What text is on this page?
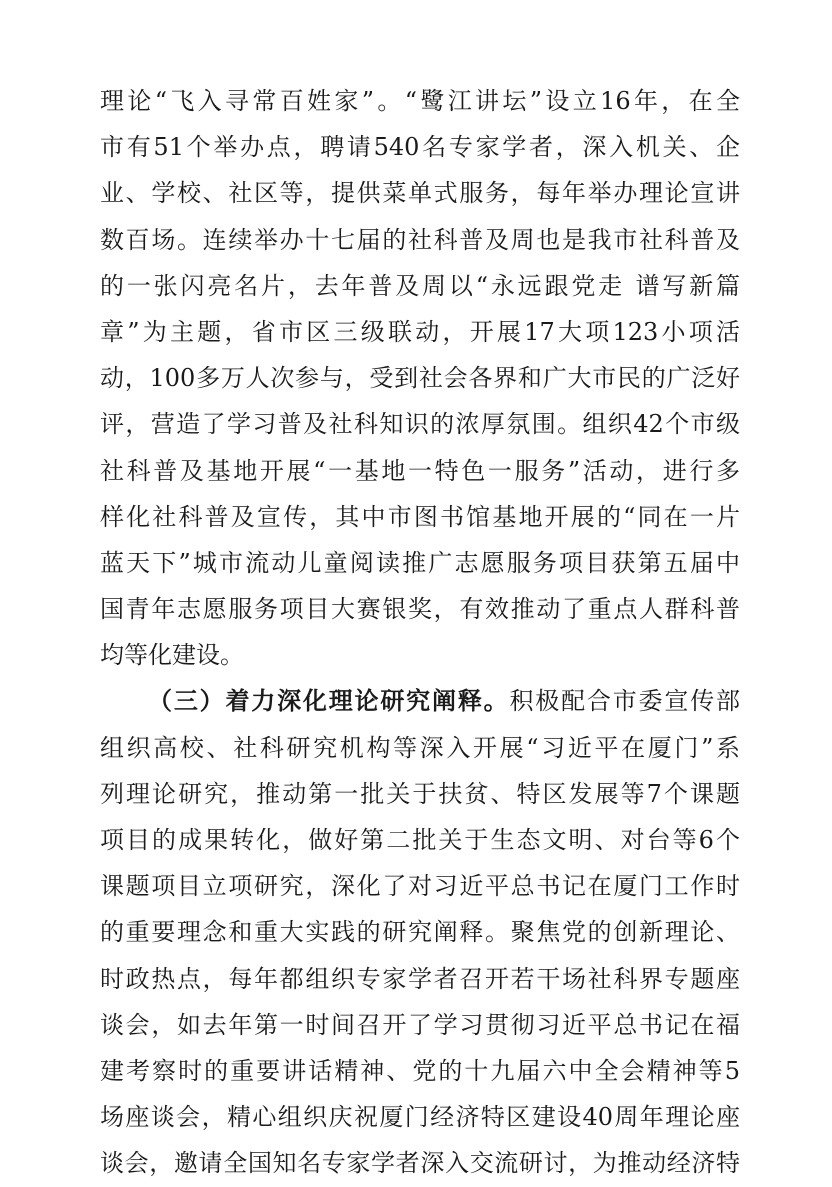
理论“飞入寻常百姓家”。“鹭江讲坛”设立16年，在全
市有51个举办点，聘请540名专家学者，深入机关、企
业、学校、社区等，提供菜单式服务，每年举办理论宣讲
数百场。连续举办十七届的社科普及周也是我市社科普及
的一张闪亮名片，去年普及周以“永远跟党走 谱写新篇
章”为主题，省市区三级联动，开展17大项123小项活
动，100多万人次参与，受到社会各界和广大市民的广泛好
评，营造了学习普及社科知识的浓厚氛围。组织42个市级
社科普及基地开展“一基地一特色一服务”活动，进行多
样化社科普及宣传，其中市图书馆基地开展的“同在一片
蓝天下”城市流动儿童阅读推广志愿服务项目获第五届中
国青年志愿服务项目大赛银奖，有效推动了重点人群科普
均等化建设。
（三）着力深化理论研究阐释。积极配合市委宣传部
组织高校、社科研究机构等深入开展“习近平在厦门”系
列理论研究，推动第一批关于扶贫、特区发展等7个课题
项目的成果转化，做好第二批关于生态文明、对台等6个
课题项目立项研究，深化了对习近平总书记在厦门工作时
的重要理念和重大实践的研究阐释。聚焦党的创新理论、
时政热点，每年都组织专家学者召开若干场社科界专题座
谈会，如去年第一时间召开了学习贯彻习近平总书记在福
建考察时的重要讲话精神、党的十九届六中全会精神等5
场座谈会，精心组织庆祝厦门经济特区建设40周年理论座
谈会，邀请全国知名专家学者深入交流研讨，为推动经济特
